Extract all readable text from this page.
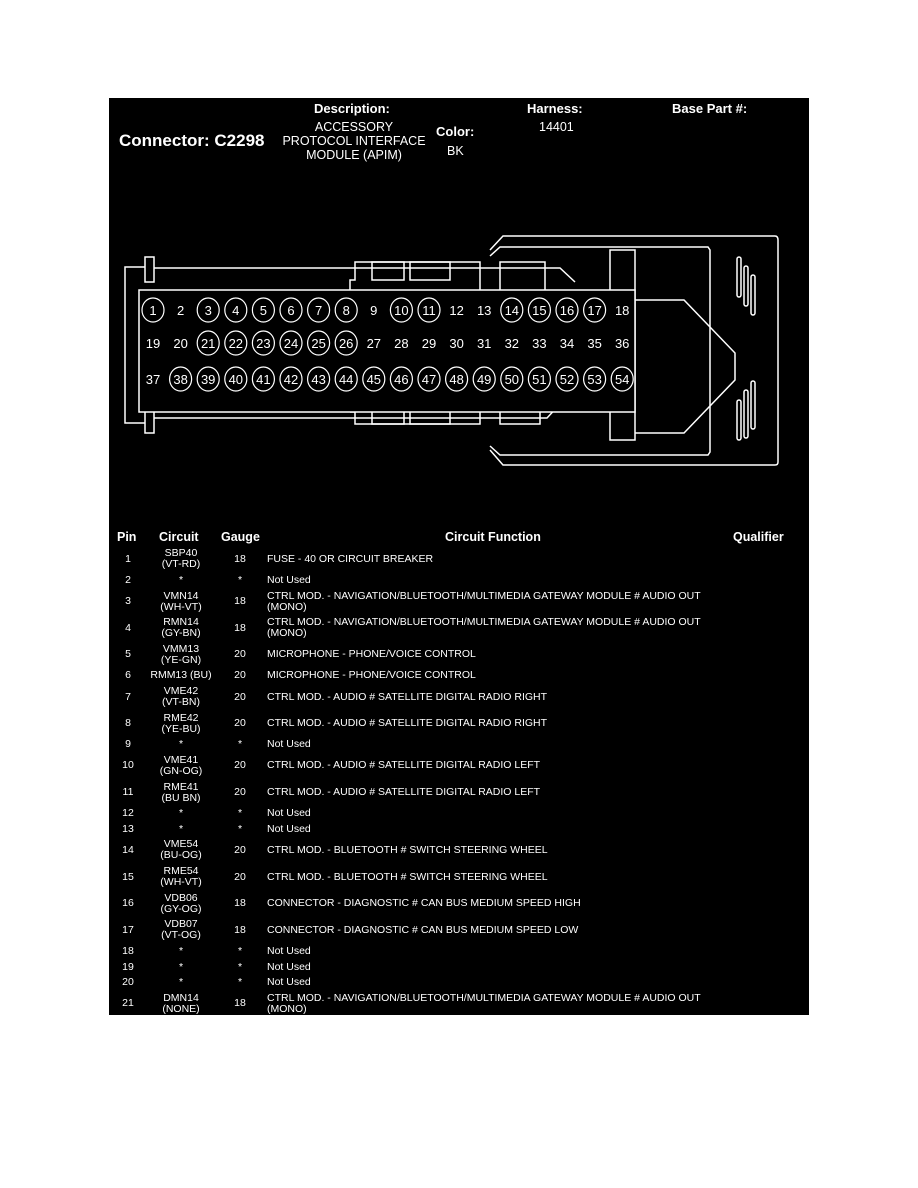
Connector: C2298
Description:
ACCESSORY PROTOCOL INTERFACE MODULE (APIM)
Color:
BK
Harness:
14401
Base Part #:
1 2 3 4 5 6 7 8 9 10 11 12 13 14 15 16 17 18
19 20 21 22 23 24 25 26 27 28 29 30 31 32 33 34 35 36
37 38 39 40 41 42 43 44 45 46 47 48 49 50 51 52 53 54
Pin Circuit Gauge	Circuit Function	Qualifier
1	SBP40 (VT-RD)	18	FUSE - 40 OR CIRCUIT BREAKER
2	*	*	Not Used
3	VMN14 (WH-VT)	18	CTRL MOD. - NAVIGATION/BLUETOOTH/MULTIMEDIA GATEWAY MODULE # AUDIO OUT (MONO)
4	RMN14 (GY-BN)	18	CTRL MOD. - NAVIGATION/BLUETOOTH/MULTIMEDIA GATEWAY MODULE # AUDIO OUT (MONO)
5	VMM13 (YE-GN)	20	MICROPHONE - PHONE/VOICE CONTROL
6	RMM13 (BU)	20	MICROPHONE - PHONE/VOICE CONTROL
7	VME42 (VT-BN)	20	CTRL MOD. - AUDIO # SATELLITE DIGITAL RADIO RIGHT
8	RME42 (YE-BU)	20	CTRL MOD. - AUDIO # SATELLITE DIGITAL RADIO RIGHT
9	*	*	Not Used
10	VME41 (GN-OG)	20	CTRL MOD. - AUDIO # SATELLITE DIGITAL RADIO LEFT
11	RME41 (BU BN)	20	CTRL MOD. - AUDIO # SATELLITE DIGITAL RADIO LEFT
12	*	*	Not Used
13	*	*	Not Used
14	VME54 (BU-OG)	20	CTRL MOD. - BLUETOOTH # SWITCH STEERING WHEEL
15	RME54 (WH-VT)	20	CTRL MOD. - BLUETOOTH # SWITCH STEERING WHEEL
16	VDB06 (GY-OG)	18	CONNECTOR - DIAGNOSTIC # CAN BUS MEDIUM SPEED HIGH
17	VDB07 (VT-OG)	18	CONNECTOR - DIAGNOSTIC # CAN BUS MEDIUM SPEED LOW
18	*	*	Not Used
19	*	*	Not Used
20	*	*	Not Used
21	DMN14 (NONE)	18	CTRL MOD. - NAVIGATION/BLUETOOTH/MULTIMEDIA GATEWAY MODULE # AUDIO OUT (MONO)
